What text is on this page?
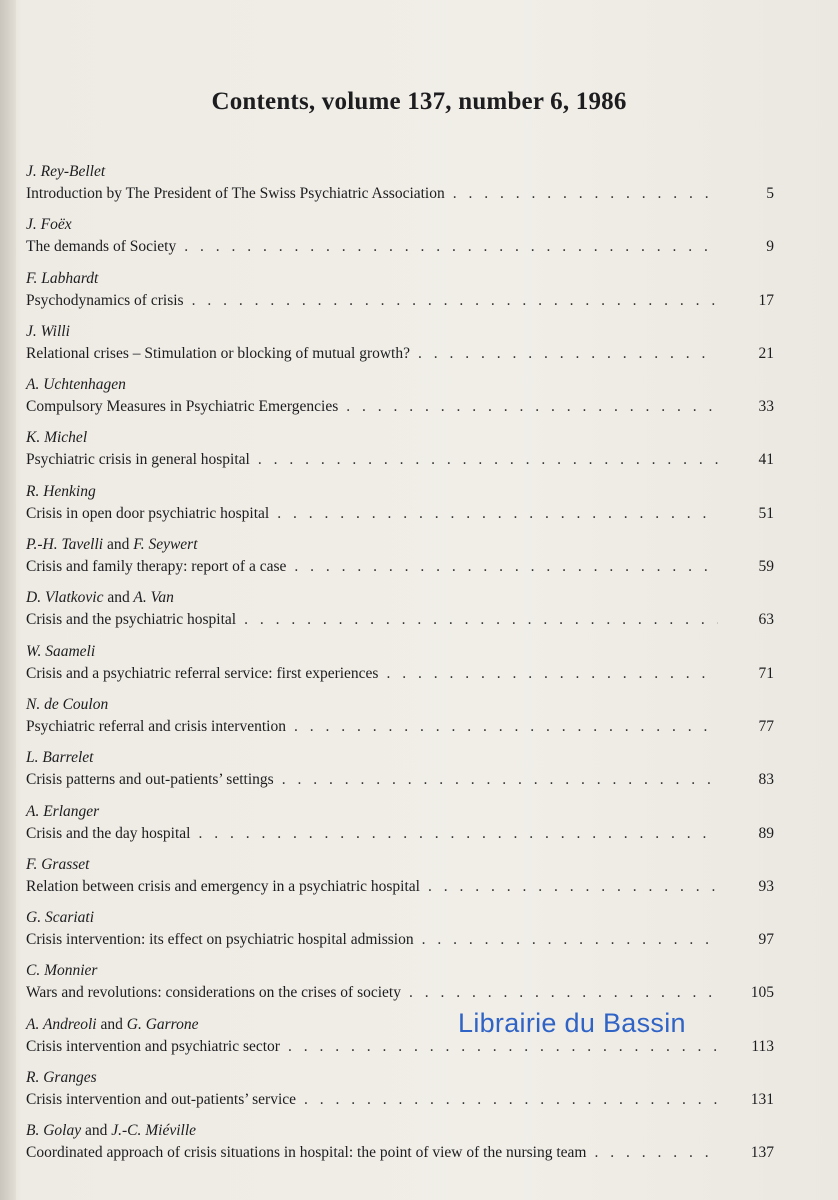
Contents, volume 137, number 6, 1986
J. Rey-Bellet
Introduction by The President of The Swiss Psychiatric Association . . .	5
J. Foëx
The demands of Society . . .	9
F. Labhardt
Psychodynamics of crisis . . .	17
J. Willi
Relational crises – Stimulation or blocking of mutual growth? . . .	21
A. Uchtenhagen
Compulsory Measures in Psychiatric Emergencies . . .	33
K. Michel
Psychiatric crisis in general hospital . . .	41
R. Henking
Crisis in open door psychiatric hospital . . .	51
P.-H. Tavelli and F. Seywert
Crisis and family therapy: report of a case . . .	59
D. Vlatkovic and A. Van
Crisis and the psychiatric hospital . . .	63
W. Saameli
Crisis and a psychiatric referral service: first experiences . . .	71
N. de Coulon
Psychiatric referral and crisis intervention . . .	77
L. Barrelet
Crisis patterns and out-patients’ settings . . .	83
A. Erlanger
Crisis and the day hospital . . .	89
F. Grasset
Relation between crisis and emergency in a psychiatric hospital . . .	93
G. Scariati
Crisis intervention: its effect on psychiatric hospital admission . . .	97
C. Monnier
Wars and revolutions: considerations on the crises of society . . .	105
A. Andreoli and G. Garrone
Crisis intervention and psychiatric sector . . .	113
R. Granges
Crisis intervention and out-patients’ service . . .	131
B. Golay and J.-C. Miéville
Coordinated approach of crisis situations in hospital: the point of view of the nursing team . . .	137
Librairie du Bassin
